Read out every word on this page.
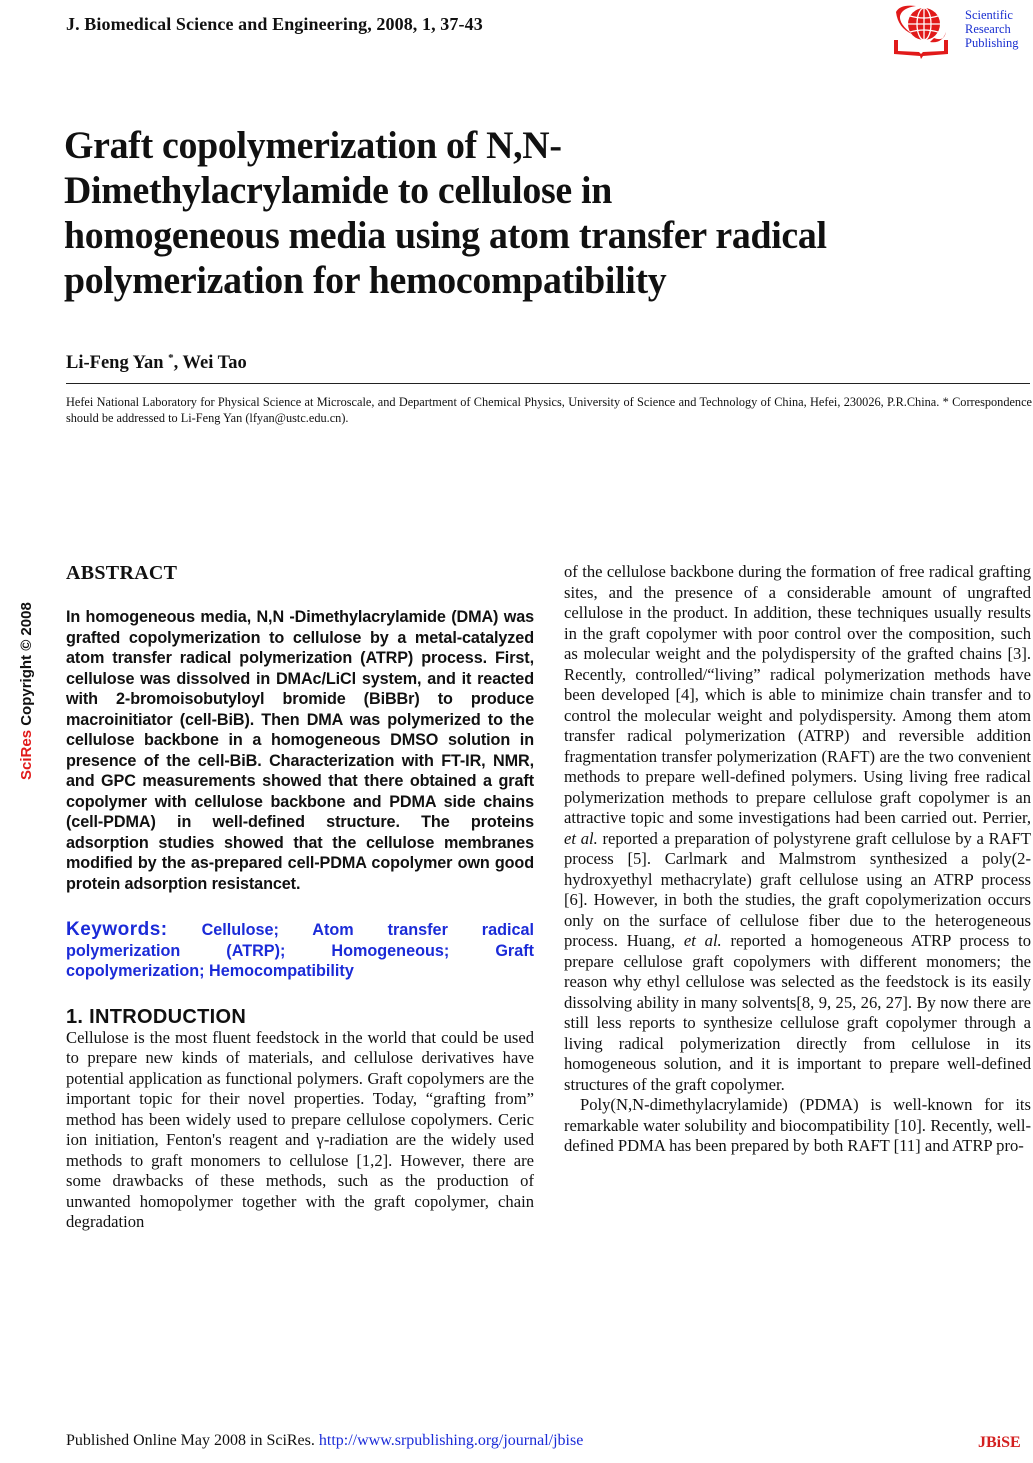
J. Biomedical Science and Engineering, 2008, 1, 37-43	Scientific
Research
Publishing
Graft copolymerization of N,N-
Dimethylacrylamide to cellulose in
homogeneous media using atom transfer radical
polymerization for hemocompatibility
Li-Feng Yan *, Wei Tao
Hefei National Laboratory for Physical Science at Microscale, and Department of Chemical Physics, University of Science and Technology of China, Hefei, 230026, P.R.China. * Correspondence should be addressed to Li-Feng Yan (lfyan@ustc.edu.cn).
SciRes Copyright © 2008
ABSTRACT
In homogeneous media, N,N -Dimethylacrylamide (DMA) was grafted copolymerization to cellulose by a metal-catalyzed atom transfer radical polymerization (ATRP) process. First, cellulose was dissolved in DMAc/LiCl system, and it reacted with 2-bromoisobutyloyl bromide (BiBBr) to produce macroinitiator (cell-BiB). Then DMA was polymerized to the cellulose backbone in a homogeneous DMSO solution in presence of the cell-BiB. Characterization with FT-IR, NMR, and GPC measurements showed that there obtained a graft copolymer with cellulose backbone and PDMA side chains (cell-PDMA) in well-defined structure. The proteins adsorption studies showed that the cellulose membranes modified by the as-prepared cell-PDMA copolymer own good protein adsorption resistancet.
Keywords: Cellulose; Atom transfer radical polymerization (ATRP); Homogeneous; Graft copolymerization; Hemocompatibility
1. INTRODUCTION

Cellulose is the most fluent feedstock in the world that could be used to prepare new kinds of materials, and cellulose derivatives have potential application as functional polymers. Graft copolymers are the important topic for their novel properties. Today, “grafting from” method has been widely used to prepare cellulose copolymers. Ceric ion initiation, Fenton's reagent and γ-radiation are the widely used methods to graft monomers to cellulose [1,2]. However, there are some drawbacks of these methods, such as the production of unwanted homopolymer together with the graft copolymer, chain degradation

of the cellulose backbone during the formation of free radical grafting sites, and the presence of a considerable amount of ungrafted cellulose in the product. In addition, these techniques usually results in the graft copolymer with poor control over the composition, such as molecular weight and the polydispersity of the grafted chains [3]. Recently, controlled/“living” radical polymerization methods have been developed [4], which is able to minimize chain transfer and to control the molecular weight and polydispersity. Among them atom transfer radical polymerization (ATRP) and reversible addition fragmentation transfer polymerization (RAFT) are the two convenient methods to prepare well-defined polymers. Using living free radical polymerization methods to prepare cellulose graft copolymer is an attractive topic and some investigations had been carried out. Perrier, et al. reported a preparation of polystyrene graft cellulose by a RAFT process [5]. Carlmark and Malmstrom synthesized a poly(2-hydroxyethyl methacrylate) graft cellulose using an ATRP process [6]. However, in both the studies, the graft copolymerization occurs only on the surface of cellulose fiber due to the heterogeneous process. Huang, et al. reported a homogeneous ATRP process to prepare cellulose graft copolymers with different monomers; the reason why ethyl cellulose was selected as the feedstock is its easily dissolving ability in many solvents[8, 9, 25, 26, 27]. By now there are still less reports to synthesize cellulose graft copolymer through a living radical polymerization directly from cellulose in its homogeneous solution, and it is important to prepare well-defined structures of the graft copolymer.

Poly(N,N-dimethylacrylamide) (PDMA) is well-known for its remarkable water solubility and biocompatibility [10]. Recently, well-defined PDMA has been prepared by both RAFT [11] and ATRP pro-

Published Online May 2008 in SciRes. http://www.srpublishing.org/journal/jbise	JBiSE
